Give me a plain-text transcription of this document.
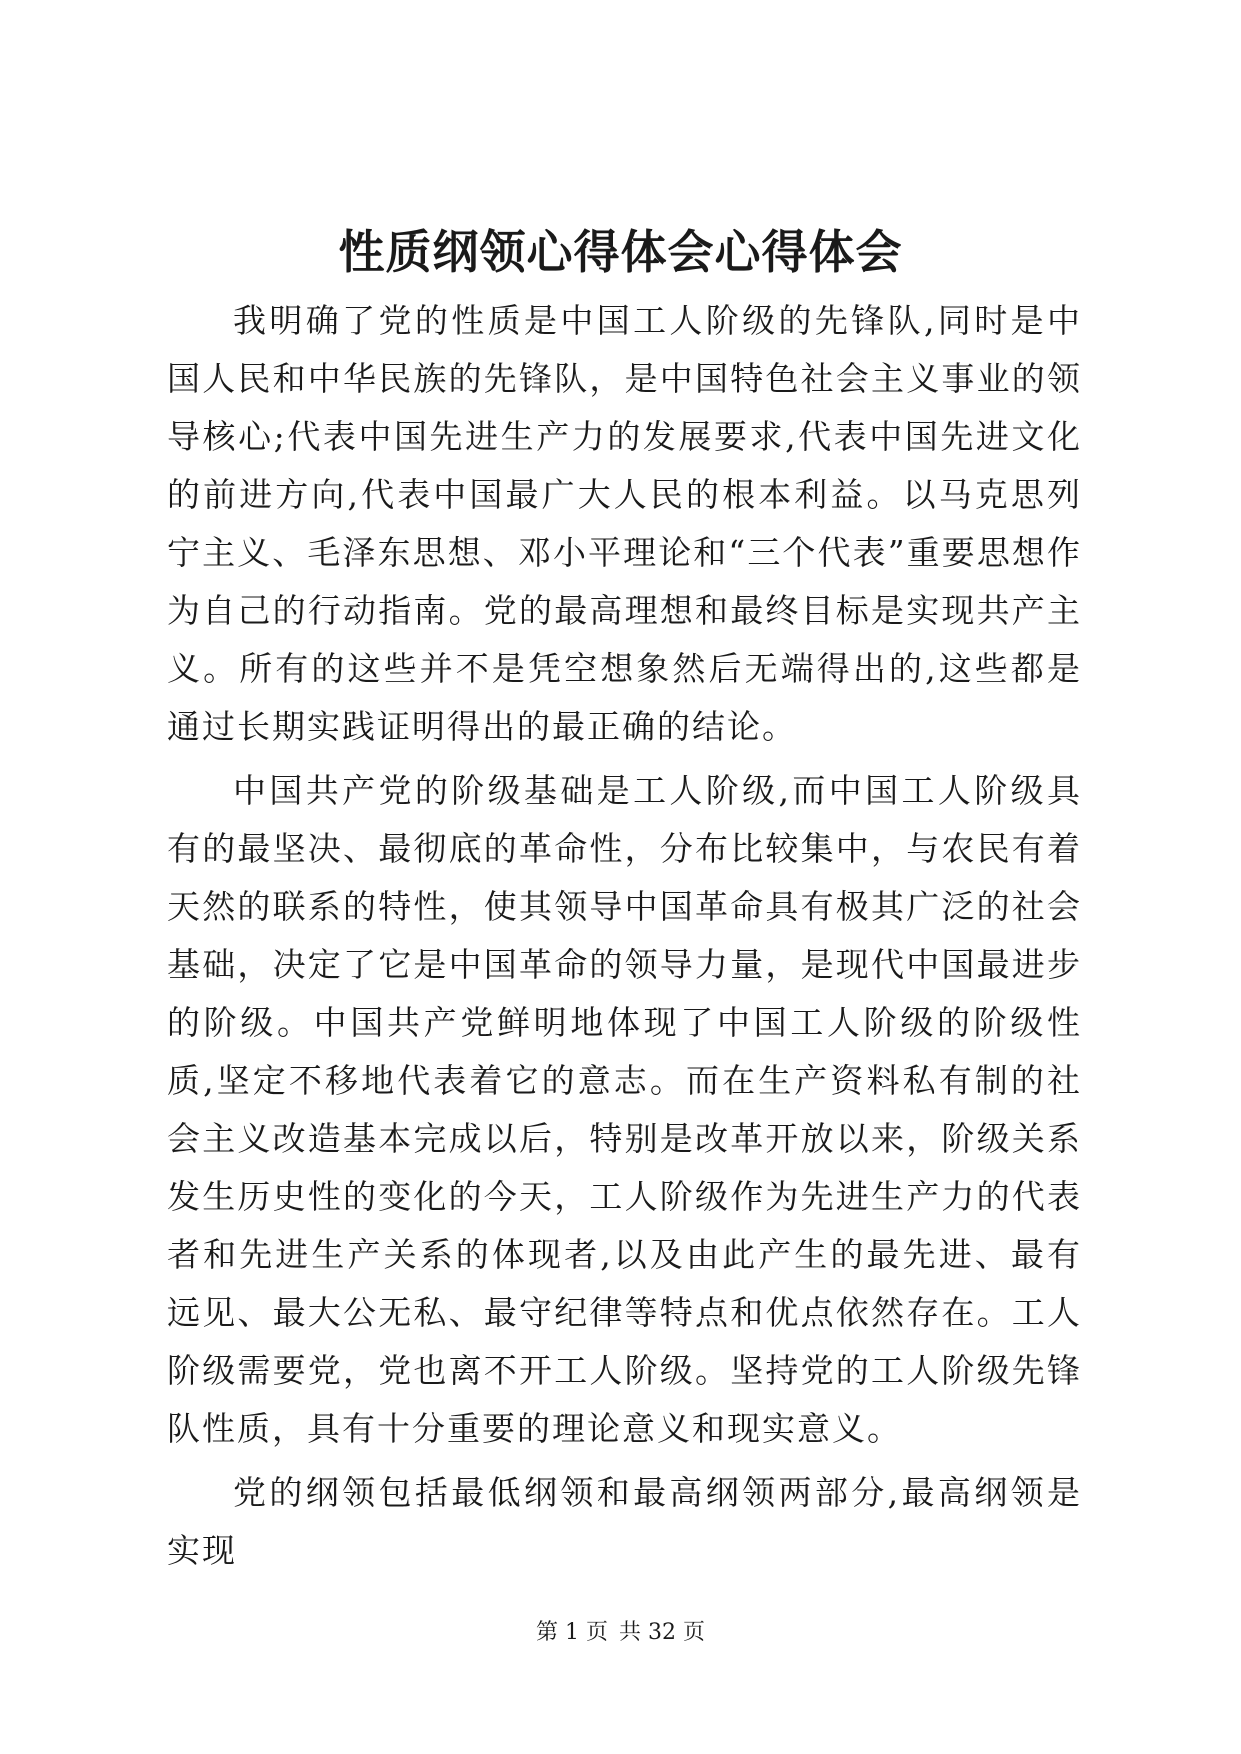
性质纲领心得体会心得体会

我明确了党的性质是中国工人阶级的先锋队,同时是中国人民和中华民族的先锋队，是中国特色社会主义事业的领导核心;代表中国先进生产力的发展要求,代表中国先进文化的前进方向,代表中国最广大人民的根本利益。以马克思列宁主义、毛泽东思想、邓小平理论和“三个代表”重要思想作为自己的行动指南。党的最高理想和最终目标是实现共产主义。所有的这些并不是凭空想象然后无端得出的,这些都是通过长期实践证明得出的最正确的结论。

中国共产党的阶级基础是工人阶级,而中国工人阶级具有的最坚决、最彻底的革命性，分布比较集中，与农民有着天然的联系的特性，使其领导中国革命具有极其广泛的社会基础，决定了它是中国革命的领导力量，是现代中国最进步的阶级。中国共产党鲜明地体现了中国工人阶级的阶级性质,坚定不移地代表着它的意志。而在生产资料私有制的社会主义改造基本完成以后，特别是改革开放以来，阶级关系发生历史性的变化的今天，工人阶级作为先进生产力的代表者和先进生产关系的体现者,以及由此产生的最先进、最有远见、最大公无私、最守纪律等特点和优点依然存在。工人阶级需要党，党也离不开工人阶级。坚持党的工人阶级先锋队性质，具有十分重要的理论意义和现实意义。

党的纲领包括最低纲领和最高纲领两部分,最高纲领是实现

第 1 页 共 32 页
